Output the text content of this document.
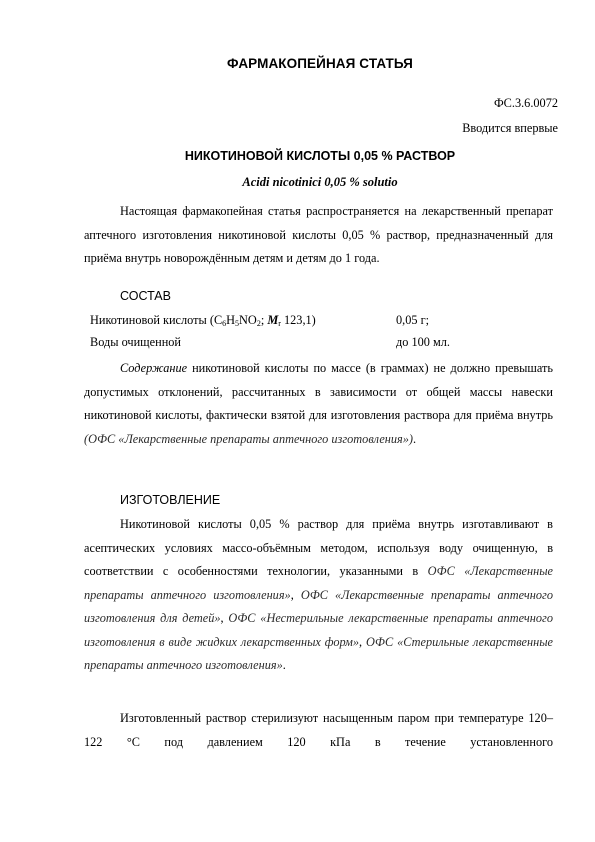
ФАРМАКОПЕЙНАЯ СТАТЬЯ
ФС.3.6.0072
Вводится впервые
НИКОТИНОВОЙ КИСЛОТЫ 0,05 % РАСТВОР
Acidi nicotinici 0,05 % solutio

Настоящая фармакопейная статья распространяется на лекарственный препарат аптечного изготовления никотиновой кислоты 0,05 % раствор, предназначенный для приёма внутрь новорождённым детям и детям до 1 года.

СОСТАВ
Никотиновой кислоты ($C_6H_5NO_2$; $M_r$ 123,1)	0,05 г;
Воды очищенной	до 100 мл.

Содержание никотиновой кислоты по массе (в граммах) не должно превышать допустимых отклонений, рассчитанных в зависимости от общей массы навески никотиновой кислоты, фактически взятой для изготовления раствора для приёма внутрь (ОФС «Лекарственные препараты аптечного изготовления»).

ИЗГОТОВЛЕНИЕ

Никотиновой кислоты 0,05 % раствор для приёма внутрь изготавливают в асептических условиях массо-объёмным методом, используя воду очищенную, в соответствии с особенностями технологии, указанными в ОФС «Лекарственные препараты аптечного изготовления», ОФС «Лекарственные препараты аптечного изготовления для детей», ОФС «Нестерильные лекарственные препараты аптечного изготовления в виде жидких лекарственных форм», ОФС «Стерильные лекарственные препараты аптечного изготовления».

Изготовленный раствор стерилизуют насыщенным паром при температуре 120–122 °С под давлением 120 кПа в течение установленного
